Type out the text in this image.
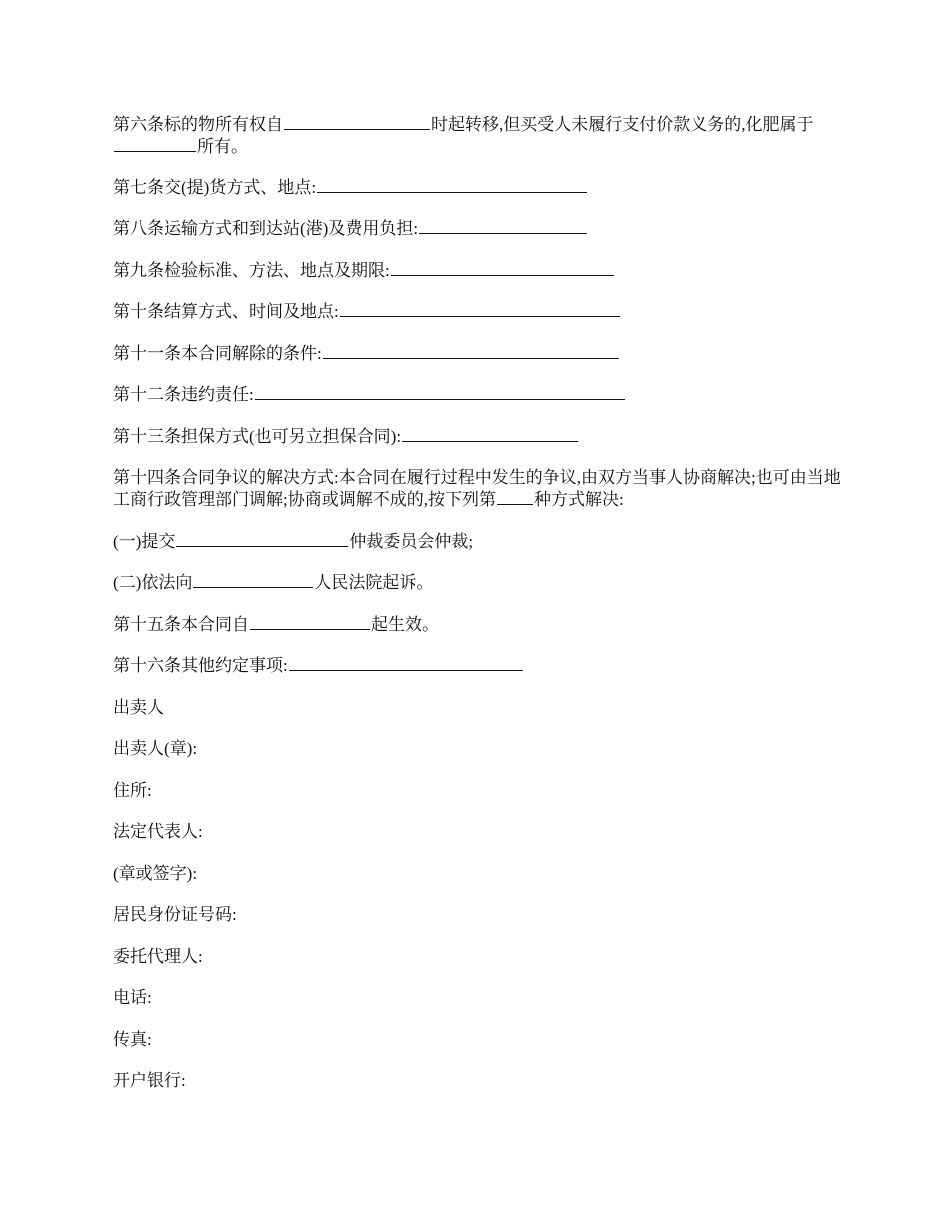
第六条标的物所有权自	时起转移,但买受人未履行支付价款义务的,化肥属于所有。
第七条交(提)货方式、地点:
第八条运输方式和到达站(港)及费用负担:
第九条检验标准、方法、地点及期限:
第十条结算方式、时间及地点:
第十一条本合同解除的条件:
第十二条违约责任:
第十三条担保方式(也可另立担保合同):
第十四条合同争议的解决方式:本合同在履行过程中发生的争议,由双方当事人协商解决;也可由当地工商行政管理部门调解;协商或调解不成的,按下列第 种方式解决:
(一)提交	仲裁委员会仲裁;
(二)依法向	人民法院起诉。
第十五条本合同自	起生效。
第十六条其他约定事项:
出卖人
出卖人(章):
住所:
法定代表人:
(章或签字):
居民身份证号码:
委托代理人:
电话:
传真:
开户银行:
